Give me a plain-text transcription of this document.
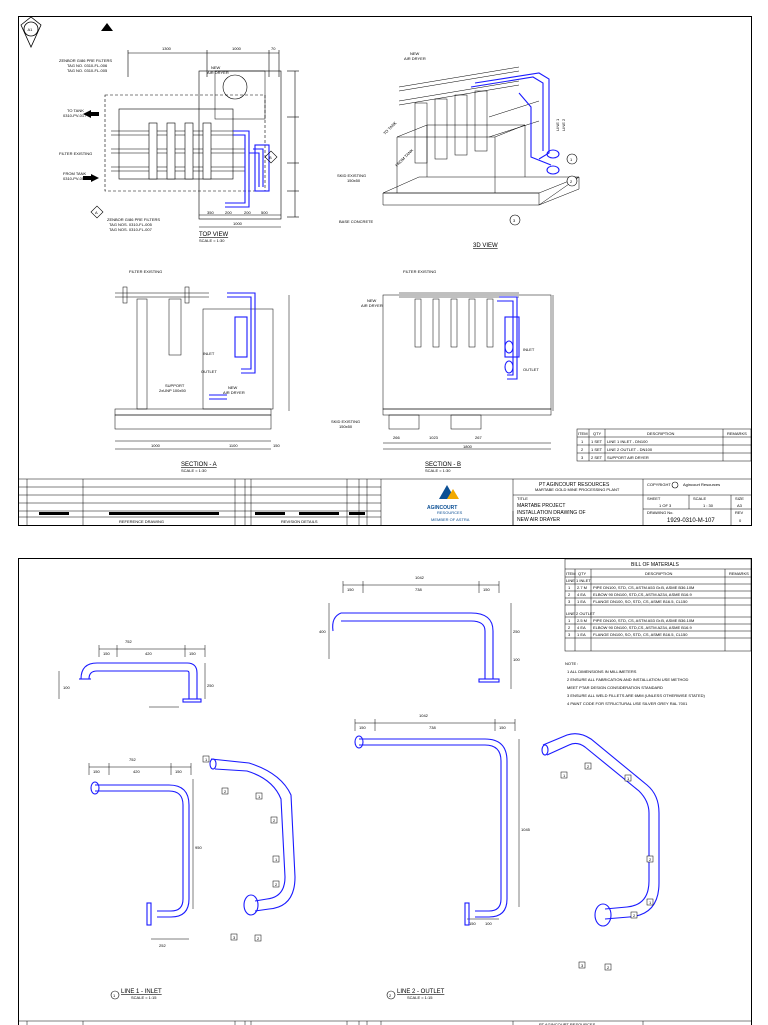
A1
A
B
1300	1000	70
350	200	200	500
1000
NEW
AIR DRYER
ZENBOR G/86 PRE FILTERS
TAG NO. 0310-FL-006
TAG NO. 0310-FL-005
TO TANK
0310-PV-017
FILTER EXISTING
FROM TANK
0310-PV-003
ZENBOR G/86 PRE FILTERS
TAG NOS. 0310-FL-005
TAG NOS. 0310-FL-007
TOP VIEW
SCALE = 1:30
1
2
3
NEW
AIR DRYER
SKID EXISTING
150x50
BASE CONCRETE
TO TANK
FROM TANK
LINE 1 LINE 2
3D VIEW
FILTER EXISTING
INLET
OUTLET
SUPPORT
2xUNP 100x50
NEW
AIR DRYER
1000	1100	150
SECTION - A
SCALE = 1:30
FILTER EXISTING
NEW
AIR DRYER
INLET
OUTLET
SKID EXISTING
150x50
266	1023	267
1800
SECTION - B
SCALE = 1:30
ITEM QTY	DESCRIPTION	REMARKS
1 1 SET LINE 1 INLET - DN100
2 1 SET LINE 2 OUTLET - DN100
3 2 SET SUPPORT AIR DRYER
REFERENCE DRAWING	REVISION DETAILS
AGINCOURT
RESOURCES
MEMBER OF ASTRA
PT AGINCOURT RESOURCES
MARTABE GOLD MINE PROCESSING PLANT
COPYRIGHT	Agincourt Resources
TITLE
MARTABE PROJECT
INSTALLATION DRAWING OF
NEW AIR DRAYER
SHEET
1 OF 3
SCALE
1 : 30
SIZE
A3
DRAWING No.
1929-0310-M-107
REV
0
BILL OF MATERIALS
ITEM QTY	DESCRIPTION	REMARKS
LINE 1 INLET
1 2.7 M PIPE DN100, STD, CS, ASTM A53 Gr.B, ASME B36.10M
2 4 EA ELBOW 90 DN100, STD,CS, ASTM A234, ASME B16.9
3 1 EA FLANGE DN100, SO, STD, CS, ASME B16.5, CL150
LINE 2 OUTLET
1 2.5 M PIPE DN100, STD, CS, ASTM A53 Gr.B, ASME B36.10M
2 4 EA ELBOW 90 DN100, STD,CS, ASTM A234, ASME B16.9
3 1 EA FLANGE DN100, SO, STD, CS, ASME B16.5, CL150
NOTE :
1 ALL DIMENSIONS IN MILLIMETERS
2 ENSURE ALL FABRICATION AND INSTALLATION USE METHOD
MEET PTAR DESIGN CONSIDERATION STANDARD
3 ENSURE ALL WELD FILLETS ARE 6MM (UNLESS OTHERWISE STATED)
4 PAINT CODE FOR STRUCTURAL USE SILVER GREY RAL 7001
752
150	420	150
100	250
752
150	420	150
950
252
1
2
1
2
1
2
3	2
1042
150	738	150
400	250
100
1042
150	738	150
1045
150 100
1
2
1
2
1
2
3	2
1
LINE 1 - INLET
SCALE = 1:15	2
LINE 2 - OUTLET
SCALE = 1:15
PT AGINCOURT RESOURCES
